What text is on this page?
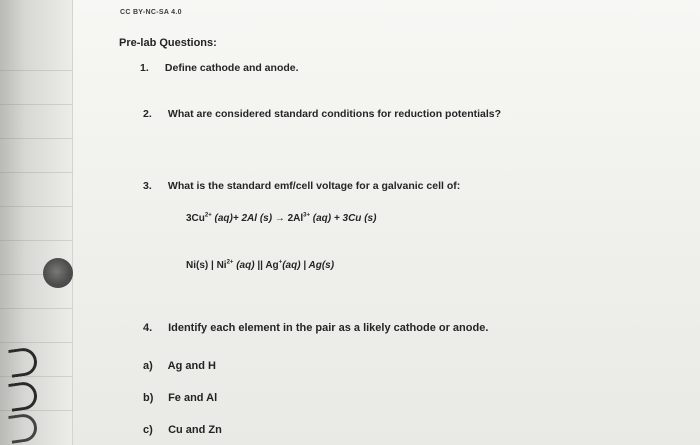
CC BY-NC-SA 4.0
Pre-lab Questions:
1. Define cathode and anode.
2. What are considered standard conditions for reduction potentials?
3. What is the standard emf/cell voltage for a galvanic cell of:
$3Cu^{2+}$ (aq)+ 2Al $(s) \to 2Al^{3+}$ (aq) + 3Cu (s)
Ni(s) | $Ni^{2+}$ (aq) || Ag+(aq) | Ag(s)
4. Identify each element in the pair as a likely cathode or anode.
a) Ag and H
b) Fe and Al
c) Cu and Zn
